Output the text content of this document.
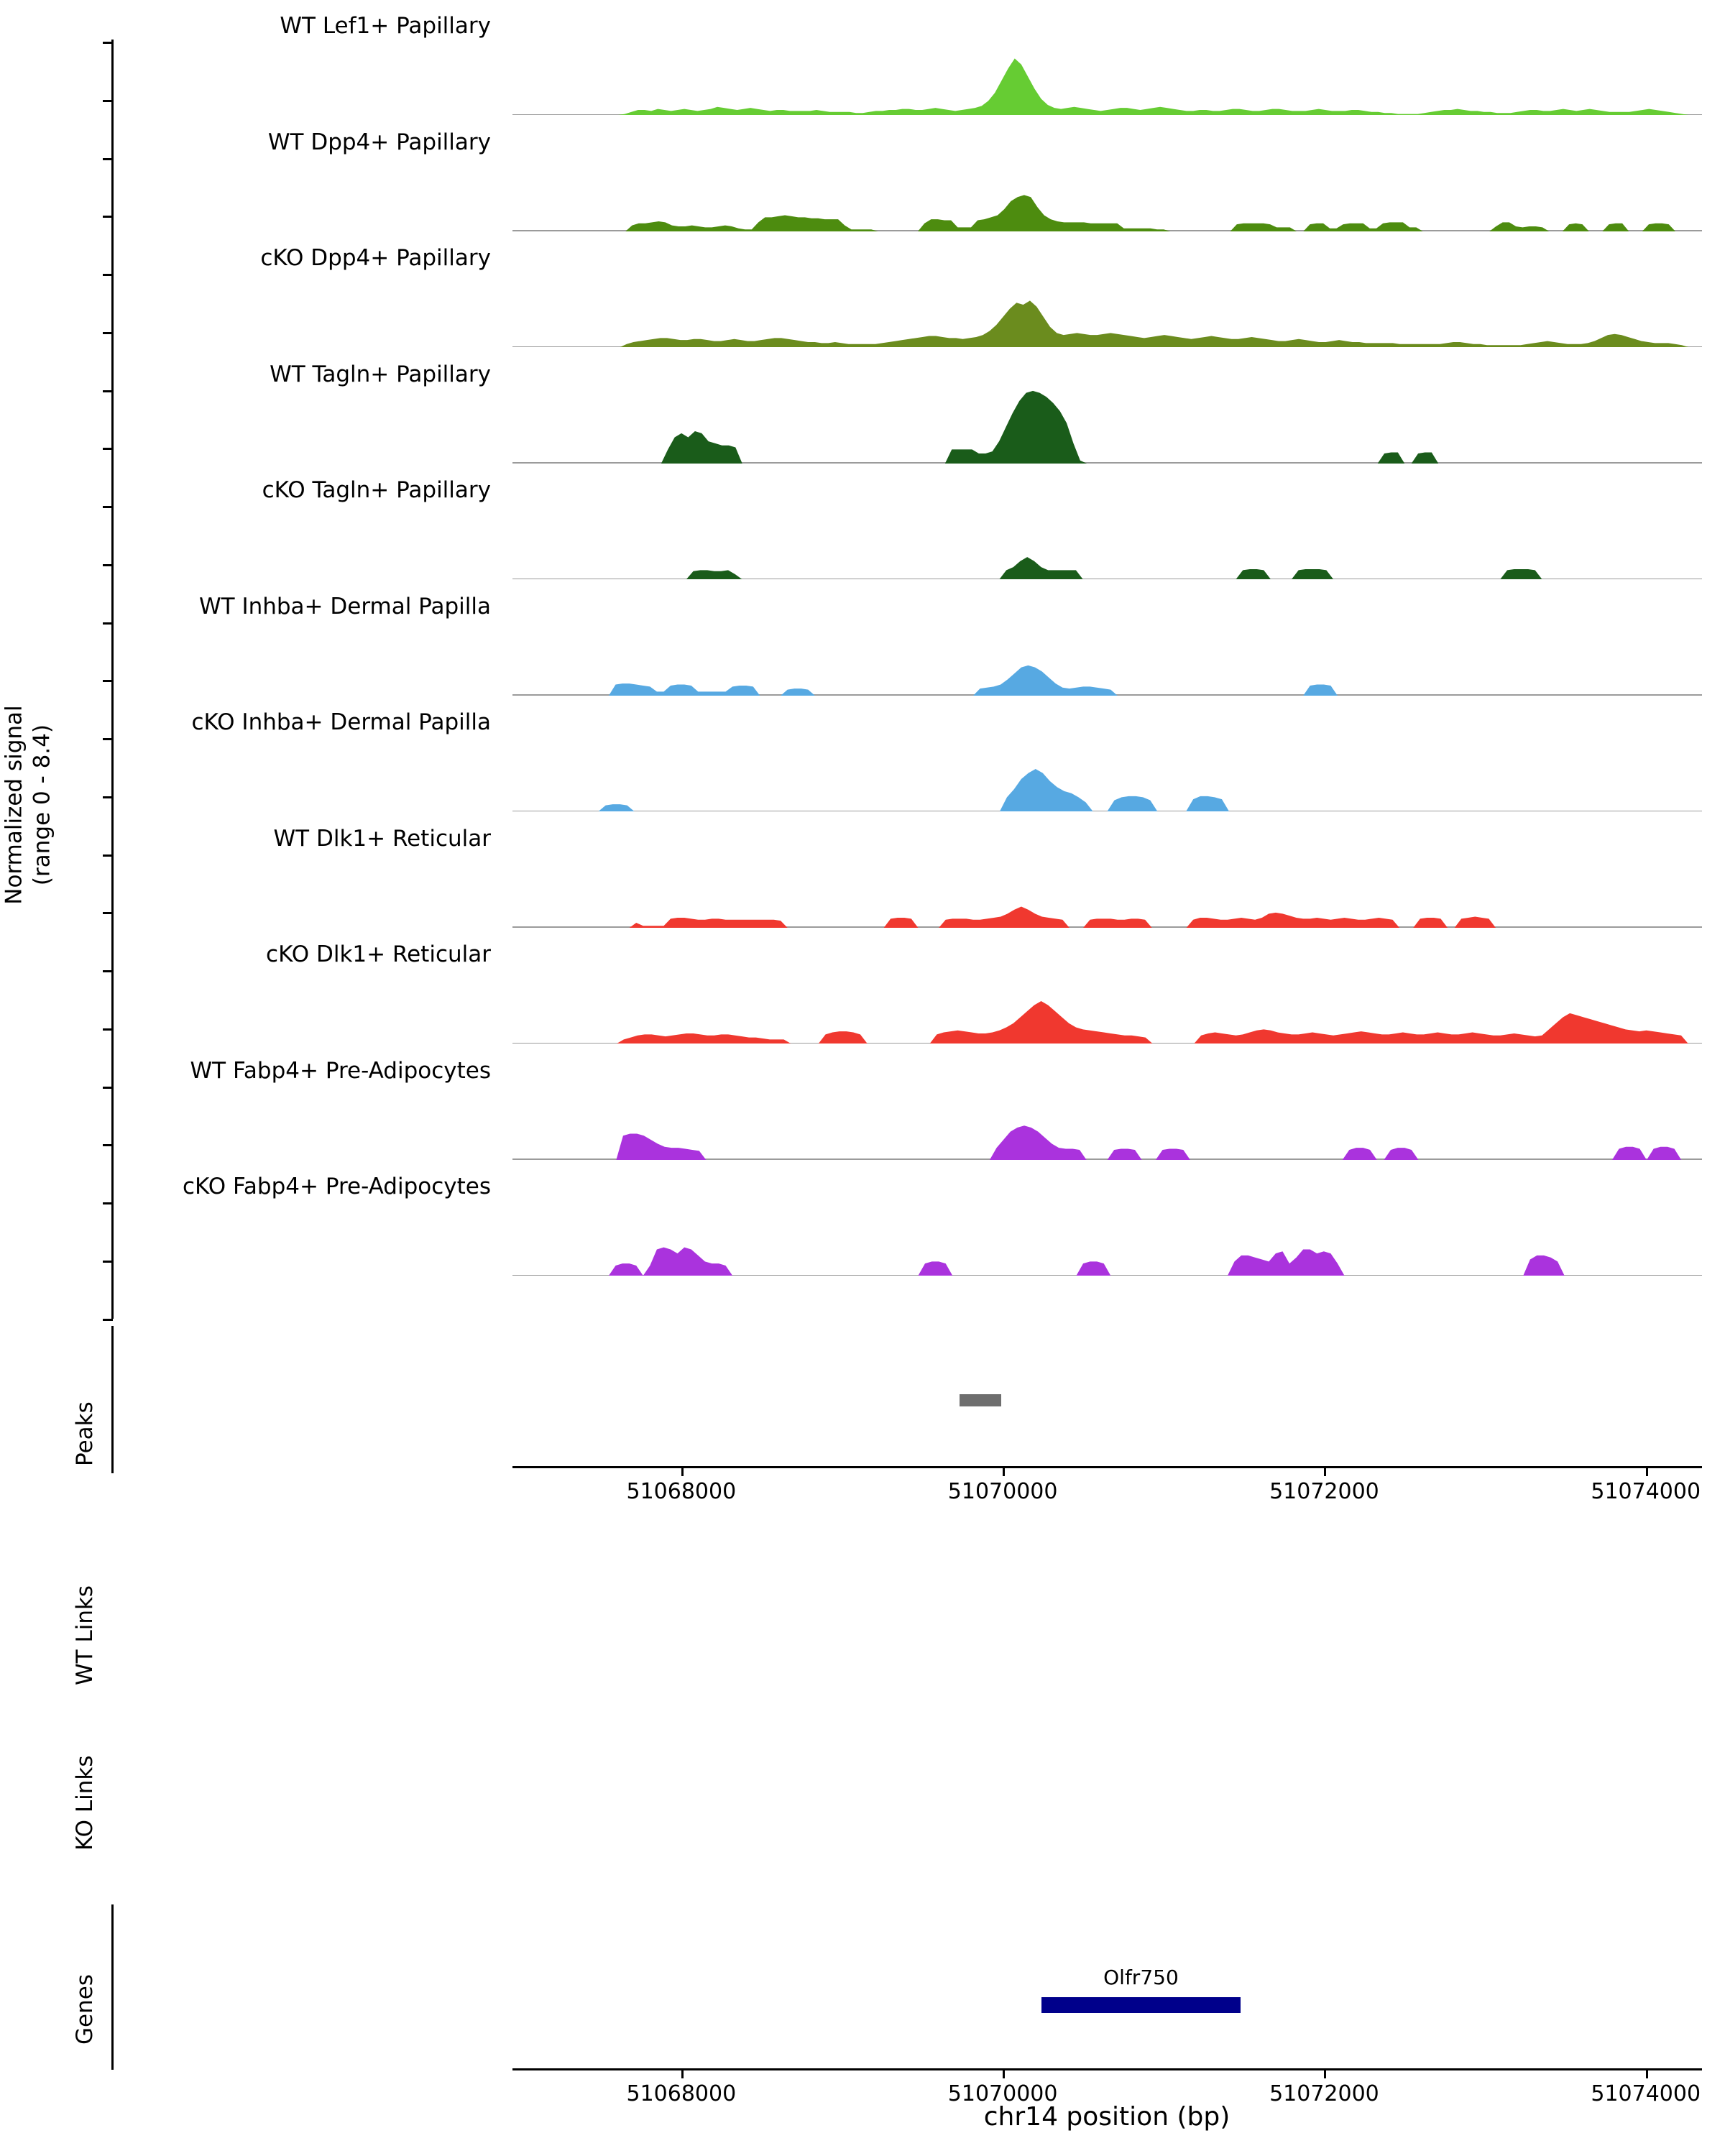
Normalized signal (range 0 - 8.4)
WT Lef1+ Papillary
WT Dpp4+ Papillary
cKO Dpp4+ Papillary
WT Tagln+ Papillary
cKO Tagln+ Papillary
WT Inhba+ Dermal Papilla
cKO Inhba+ Dermal Papilla
WT Dlk1+ Reticular
cKO Dlk1+ Reticular
WT Fabp4+ Pre-Adipocytes
cKO Fabp4+ Pre-Adipocytes
Peaks
51068000	51070000	51072000	51074000
WT Links
KO Links
Genes	Olfr750
51068000	51070000	51072000	51074000
chr14 position (bp)
